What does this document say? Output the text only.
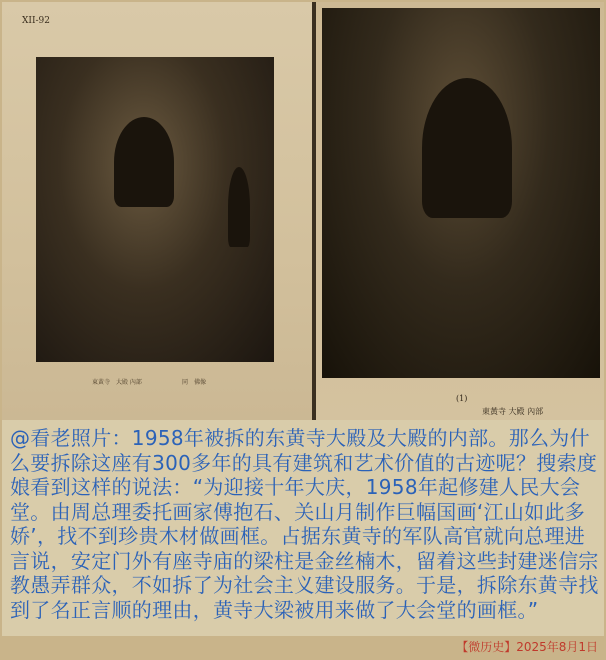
XII-92
東黃寺　大殿 內部	同　佛像
(1)
東黃寺 大殿 內部
@看老照片：1958年被拆的东黄寺大殿及大殿的内部。那么为什么要拆除这座有300多年的具有建筑和艺术价值的古迹呢？搜索度娘看到这样的说法：“为迎接十年大庆，1958年起修建人民大会堂。由周总理委托画家傅抱石、关山月制作巨幅国画‘江山如此多娇’，找不到珍贵木材做画框。占据东黄寺的军队高官就向总理进言说，安定门外有座寺庙的梁柱是金丝楠木，留着这些封建迷信宗教愚弄群众，不如拆了为社会主义建设服务。于是，拆除东黄寺找到了名正言顺的理由，黄寺大梁被用来做了大会堂的画框。”
【微历史】2025年8月1日
